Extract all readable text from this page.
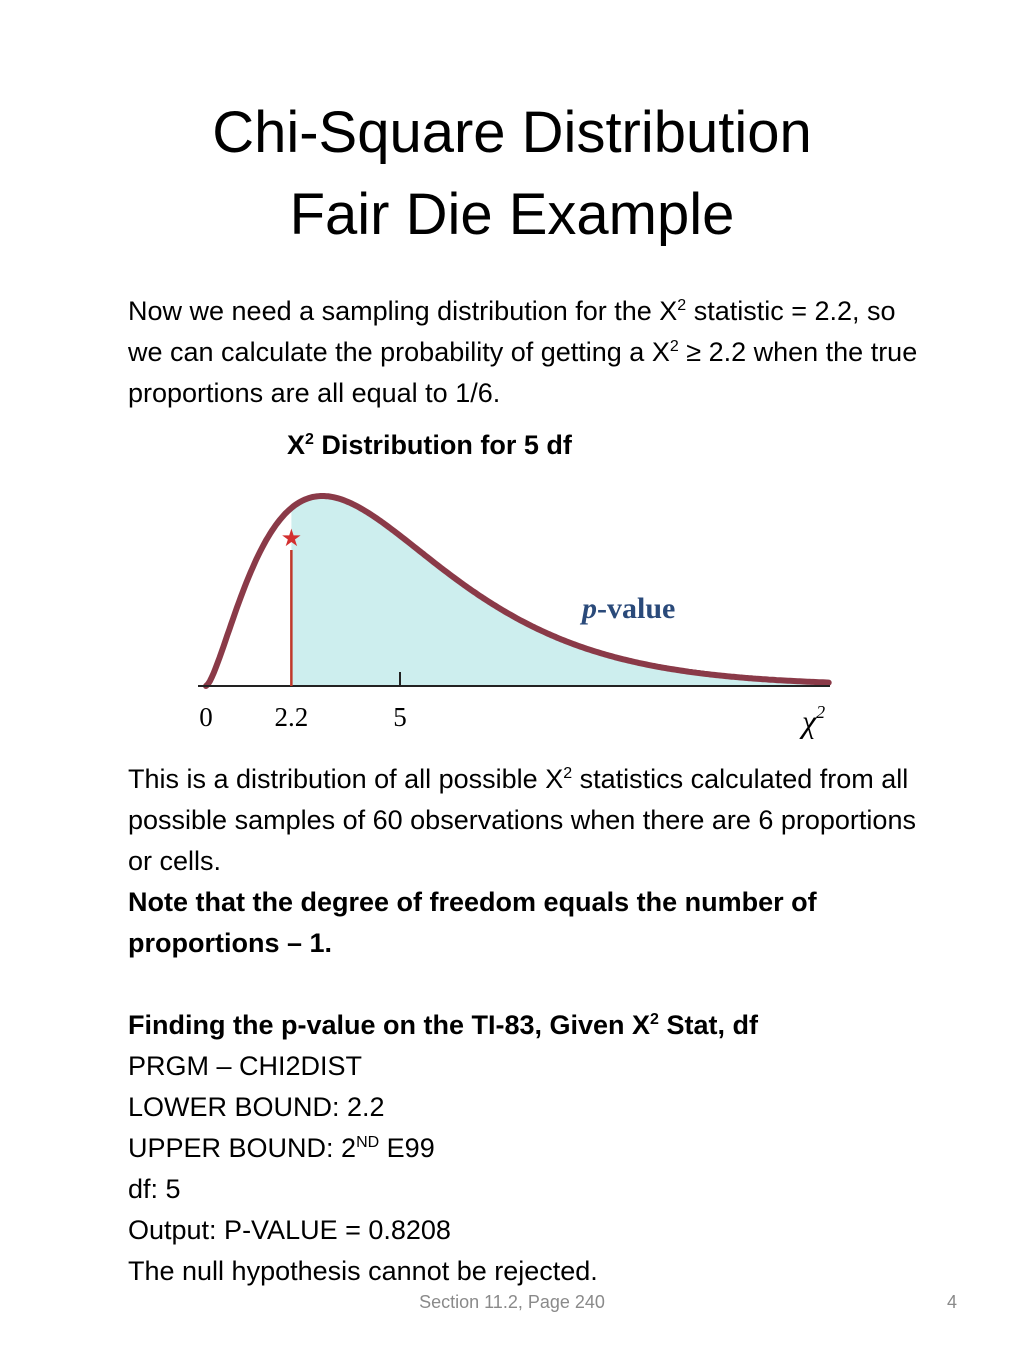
Chi-Square Distribution
Fair Die Example
Now we need a sampling distribution for the $X^2$ statistic = 2.2, so we can calculate the probability of getting a $X^2 \ge 2.2$ when the true proportions are all equal to 1/6.
$X^2$ Distribution for 5 df
★
0 2.2	5
p-value
$\chi^2$
This is a distribution of all possible $X^2$ statistics calculated from all possible samples of 60 observations when there are 6 proportions or cells.
Note that the degree of freedom equals the number of proportions – 1.
Finding the p-value on the TI-83, Given $X^2$ Stat, df
PRGM – CHI2DIST
LOWER BOUND: 2.2
UPPER BOUND: 2ND E99
df: 5
Output: P-VALUE = 0.8208
The null hypothesis cannot be rejected.
Section 11.2, Page 240	4
